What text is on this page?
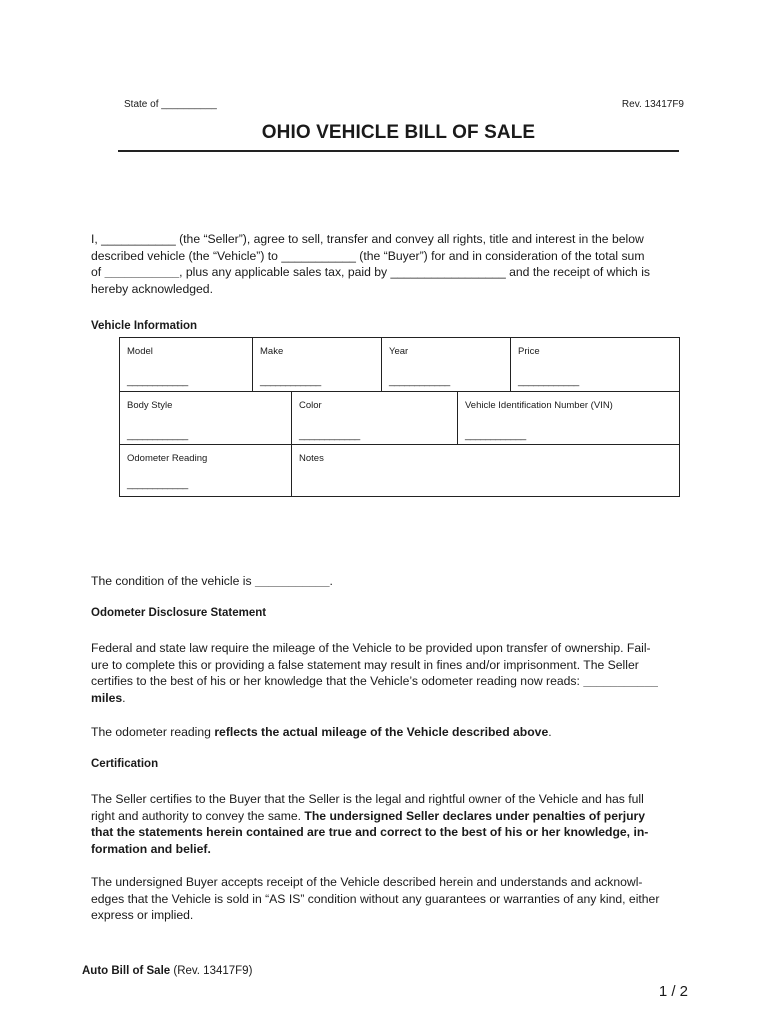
State of __________	Rev. 13417F9
OHIO VEHICLE BILL OF SALE

I, ___________ (the “Seller”), agree to sell, transfer and convey all rights, title and interest in the below

described vehicle (the “Vehicle”) to ___________ (the “Buyer”) for and in consideration of the total sum

of ___________, plus any applicable sales tax, paid by _________________ and the receipt of which is

hereby acknowledged.

Vehicle Information
Model
____________
Make
____________
Year
____________
Price
____________
Body Style
____________
Color
____________
Vehicle Identification Number (VIN)
____________
Odometer Reading
____________
Notes

The condition of the vehicle is ___________.

Odometer Disclosure Statement

Federal and state law require the mileage of the Vehicle to be provided upon transfer of ownership. Fail-

ure to complete this or providing a false statement may result in fines and/or imprisonment. The Seller

certifies to the best of his or her knowledge that the Vehicle’s odometer reading now reads: ___________

miles.

The odometer reading reflects the actual mileage of the Vehicle described above.

Certification

The Seller certifies to the Buyer that the Seller is the legal and rightful owner of the Vehicle and has full

right and authority to convey the same. The undersigned Seller declares under penalties of perjury

that the statements herein contained are true and correct to the best of his or her knowledge, in-

formation and belief.

The undersigned Buyer accepts receipt of the Vehicle described herein and understands and acknowl-

edges that the Vehicle is sold in “AS IS” condition without any guarantees or warranties of any kind, either

express or implied.

Auto Bill of Sale (Rev. 13417F9)
1 / 2
